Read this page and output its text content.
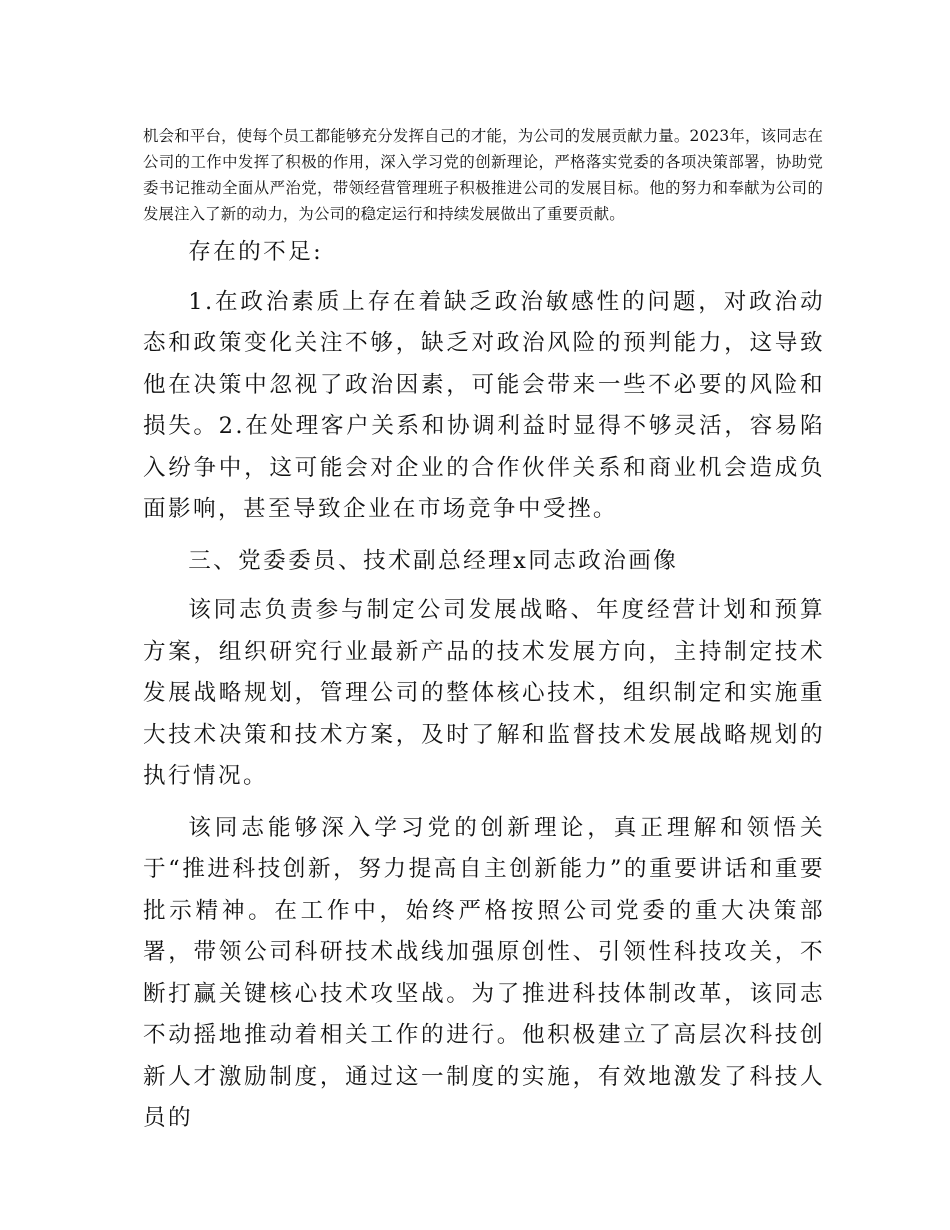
机会和平台，使每个员工都能够充分发挥自己的才能，为公司的发展贡献力量。2023年，该同志在公司的工作中发挥了积极的作用，深入学习党的创新理论，严格落实党委的各项决策部署，协助党委书记推动全面从严治党，带领经营管理班子积极推进公司的发展目标。他的努力和奉献为公司的发展注入了新的动力，为公司的稳定运行和持续发展做出了重要贡献。

存在的不足:

1.在政治素质上存在着缺乏政治敏感性的问题，对政治动态和政策变化关注不够，缺乏对政治风险的预判能力，这导致他在决策中忽视了政治因素，可能会带来一些不必要的风险和损失。2.在处理客户关系和协调利益时显得不够灵活，容易陷入纷争中，这可能会对企业的合作伙伴关系和商业机会造成负面影响，甚至导致企业在市场竞争中受挫。

三、党委委员、技术副总经理x同志政治画像

该同志负责参与制定公司发展战略、年度经营计划和预算方案，组织研究行业最新产品的技术发展方向，主持制定技术发展战略规划，管理公司的整体核心技术，组织制定和实施重大技术决策和技术方案，及时了解和监督技术发展战略规划的执行情况。

该同志能够深入学习党的创新理论，真正理解和领悟关于“推进科技创新，努力提高自主创新能力”的重要讲话和重要批示精神。在工作中，始终严格按照公司党委的重大决策部署，带领公司科研技术战线加强原创性、引领性科技攻关，不断打赢关键核心技术攻坚战。为了推进科技体制改革，该同志不动摇地推动着相关工作的进行。他积极建立了高层次科技创新人才激励制度，通过这一制度的实施，有效地激发了科技人员的
